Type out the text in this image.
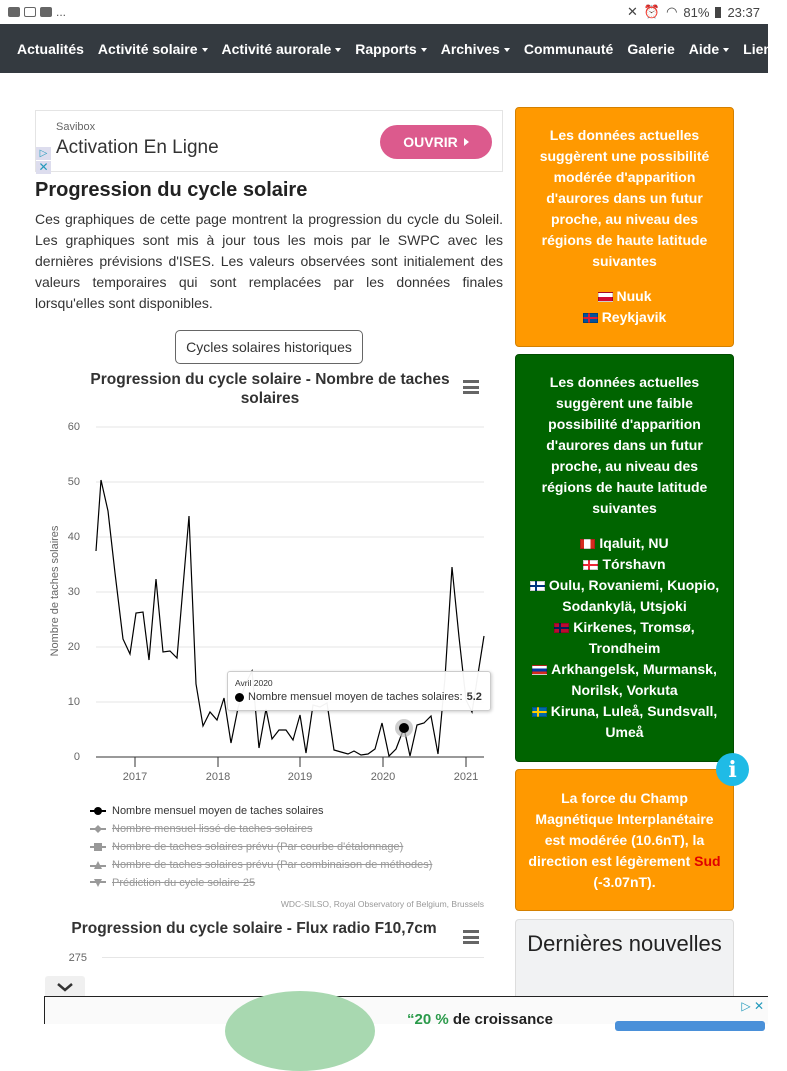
...	✕ ⏰ ◠ 81% 23:37
Actualités	Activité solaire	Activité aurorale	Rapports	Archives	Communauté	Galerie	Aide	Liens
Savibox
Activation En Ligne	OUVRIR
▷
✕
Progression du cycle solaire

Ces graphiques de cette page montrent la progression du cycle du Soleil. Les graphiques sont mis à jour tous les mois par le SWPC avec les dernières prévisions d'ISES. Les valeurs observées sont initialement des valeurs temporaires qui sont remplacées par les données finales lorsqu'elles sont disponibles.

Cycles solaires historiques
Progression du cycle solaire - Nombre de taches solaires
60
50
40
30
20
10
0
Nombre de taches solaires
2017	2018	2019	2020	2021
Avril 2020
Nombre mensuel moyen de taches solaires: 5.2
Nombre mensuel moyen de taches solaires
Nombre mensuel lissé de taches solaires
Nombre de taches solaires prévu (Par courbe d'étalonnage)
Nombre de taches solaires prévu (Par combinaison de méthodes)
Prédiction du cycle solaire 25
WDC-SILSO, Royal Observatory of Belgium, Brussels
Progression du cycle solaire - Flux radio F10,7cm
275
Les données actuelles suggèrent une possibilité modérée d'apparition d'aurores dans un futur proche, au niveau des régions de haute latitude suivantes
Nuuk
Reykjavik
Les données actuelles suggèrent une faible possibilité d'apparition d'aurores dans un futur proche, au niveau des régions de haute latitude suivantes
Iqaluit, NU
Tórshavn
Oulu, Rovaniemi, Kuopio, Sodankylä, Utsjoki
Kirkenes, Tromsø, Trondheim
Arkhangelsk, Murmansk, Norilsk, Vorkuta
Kiruna, Luleå, Sundsvall, Umeå
La force du Champ Magnétique Interplanétaire est modérée (10.6nT), la direction est légèrement Sud (-3.07nT).
i
Dernières nouvelles
“20 % de croissance
▷ ✕
